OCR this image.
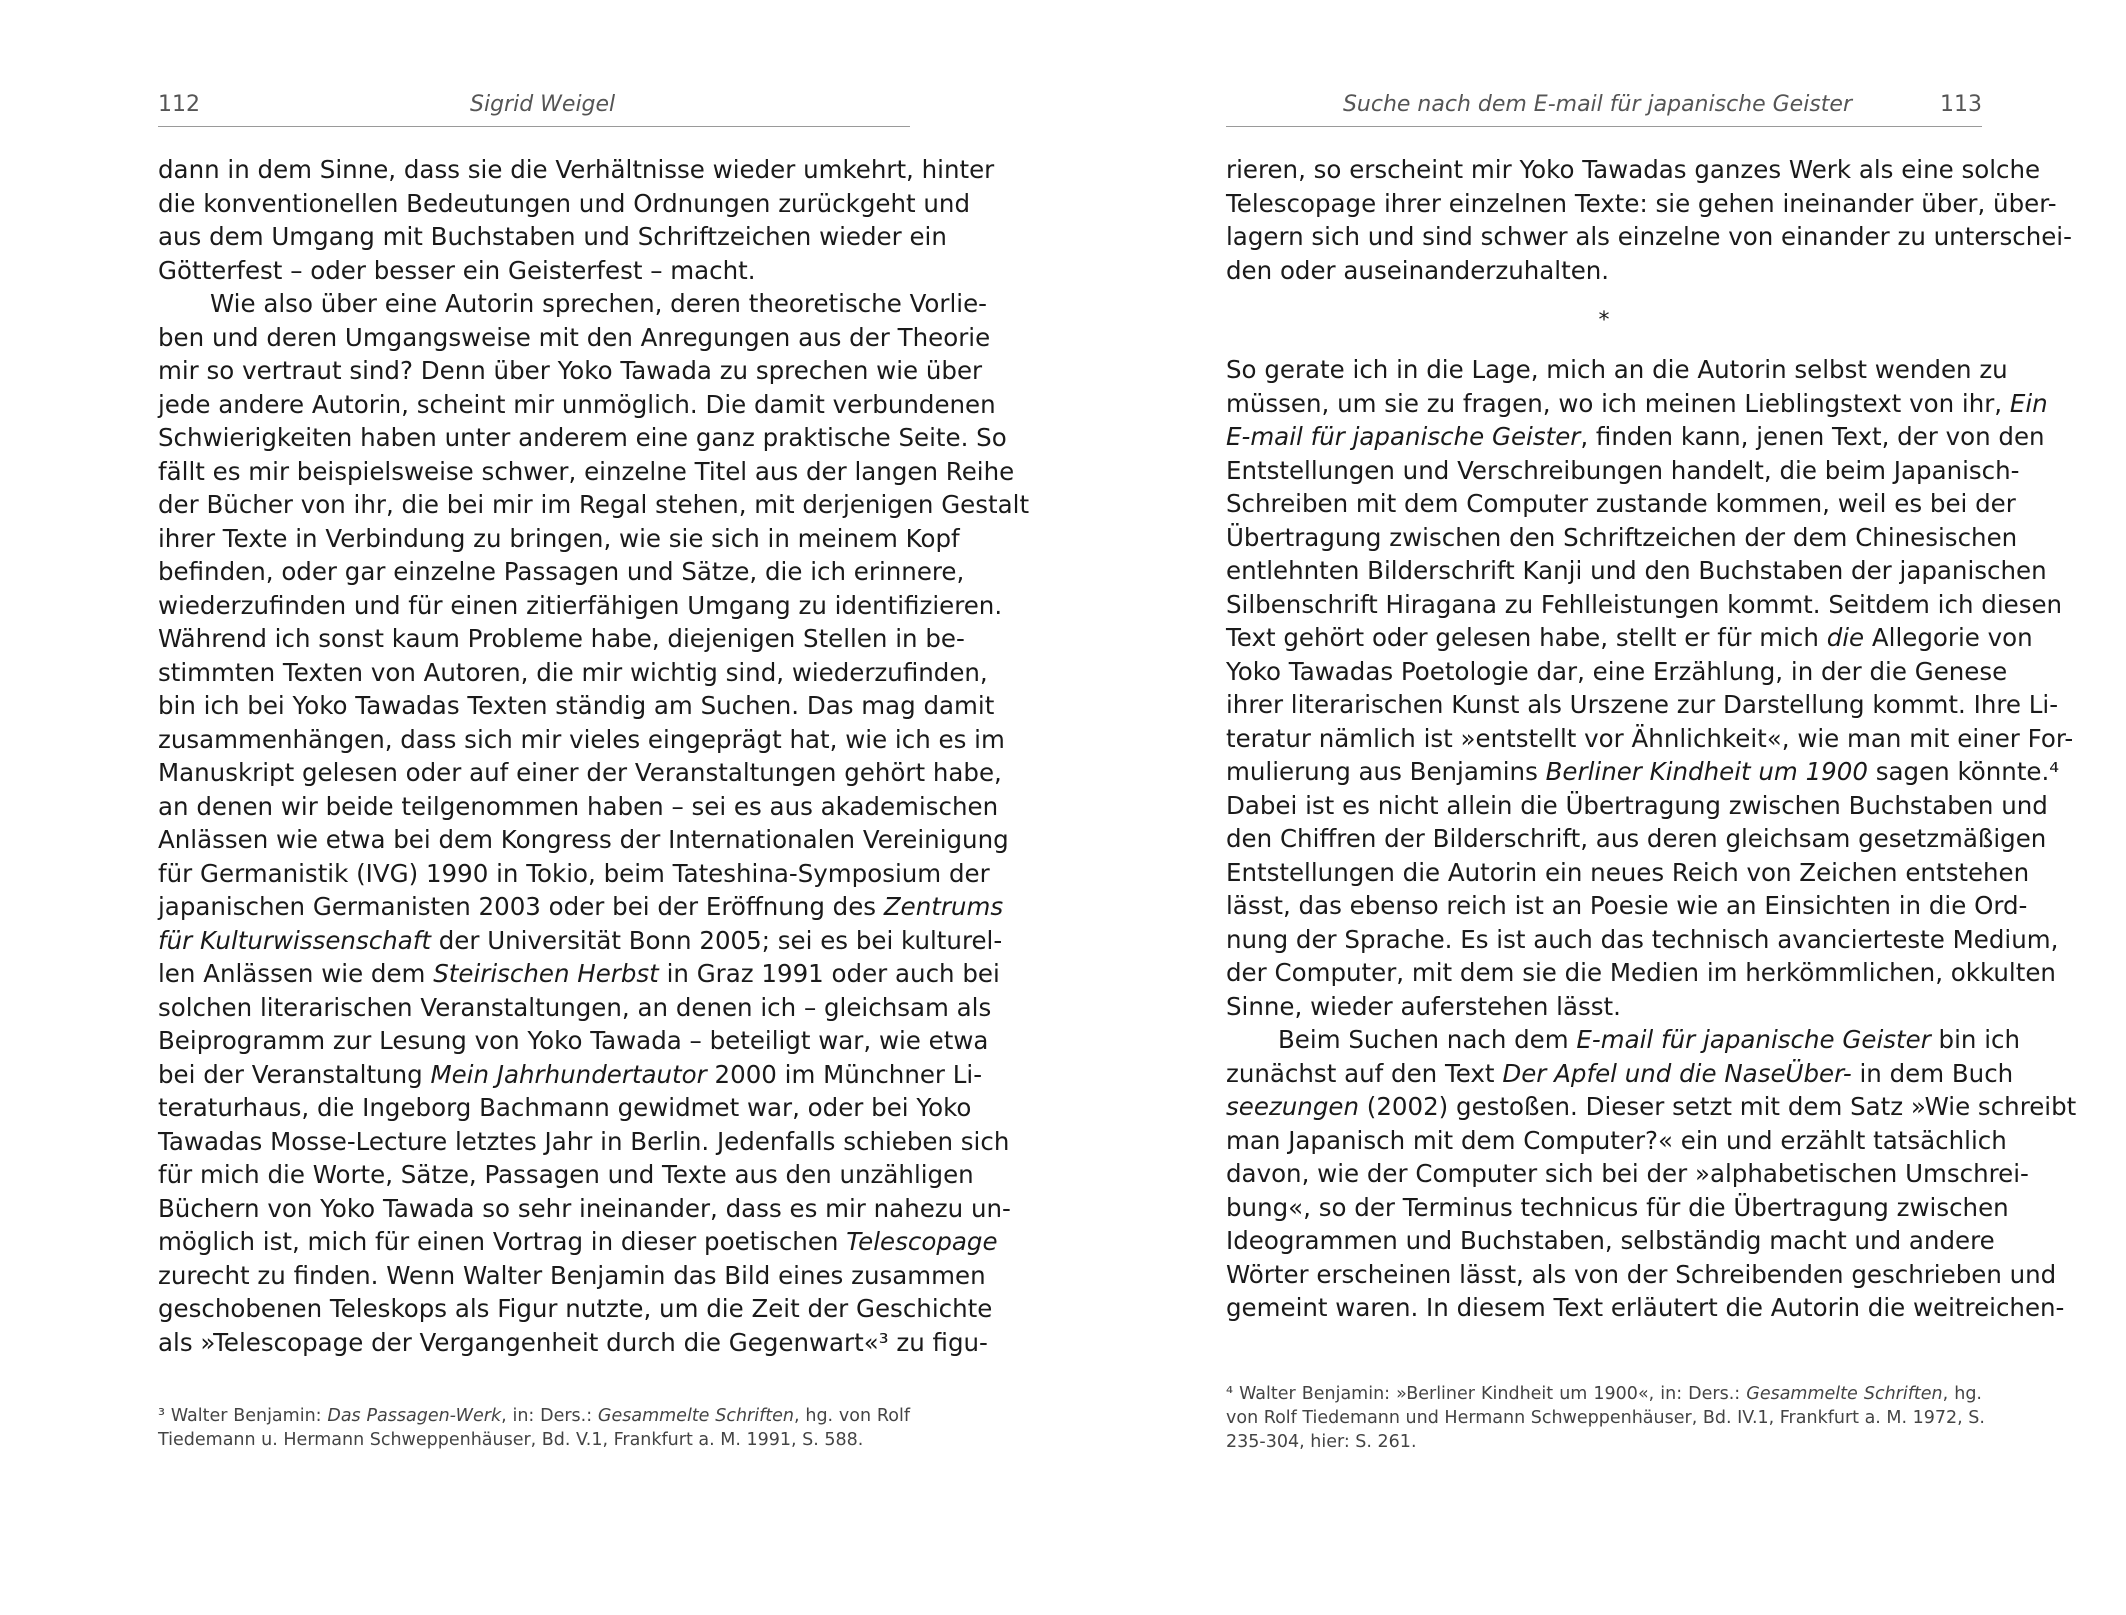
112	Sigrid Weigel
dann in dem Sinne, dass sie die Verhältnisse wieder umkehrt, hinter
die konventionellen Bedeutungen und Ordnungen zurückgeht und
aus dem Umgang mit Buchstaben und Schriftzeichen wieder ein
Götterfest – oder besser ein Geisterfest – macht.
Wie also über eine Autorin sprechen, deren theoretische Vorlie-
ben und deren Umgangsweise mit den Anregungen aus der Theorie
mir so vertraut sind? Denn über Yoko Tawada zu sprechen wie über
jede andere Autorin, scheint mir unmöglich. Die damit verbundenen
Schwierigkeiten haben unter anderem eine ganz praktische Seite. So
fällt es mir beispielsweise schwer, einzelne Titel aus der langen Reihe
der Bücher von ihr, die bei mir im Regal stehen, mit derjenigen Gestalt
ihrer Texte in Verbindung zu bringen, wie sie sich in meinem Kopf
befinden, oder gar einzelne Passagen und Sätze, die ich erinnere,
wiederzufinden und für einen zitierfähigen Umgang zu identifizieren.
Während ich sonst kaum Probleme habe, diejenigen Stellen in be-
stimmten Texten von Autoren, die mir wichtig sind, wiederzufinden,
bin ich bei Yoko Tawadas Texten ständig am Suchen. Das mag damit
zusammenhängen, dass sich mir vieles eingeprägt hat, wie ich es im
Manuskript gelesen oder auf einer der Veranstaltungen gehört habe,
an denen wir beide teilgenommen haben – sei es aus akademischen
Anlässen wie etwa bei dem Kongress der Internationalen Vereinigung
für Germanistik (IVG) 1990 in Tokio, beim Tateshina-Symposium der
japanischen Germanisten 2003 oder bei der Eröffnung des Zentrums
für Kulturwissenschaft der Universität Bonn 2005; sei es bei kulturel-
len Anlässen wie dem Steirischen Herbst in Graz 1991 oder auch bei
solchen literarischen Veranstaltungen, an denen ich – gleichsam als
Beiprogramm zur Lesung von Yoko Tawada – beteiligt war, wie etwa
bei der Veranstaltung Mein Jahrhundertautor 2000 im Münchner Li-
teraturhaus, die Ingeborg Bachmann gewidmet war, oder bei Yoko
Tawadas Mosse-Lecture letztes Jahr in Berlin. Jedenfalls schieben sich
für mich die Worte, Sätze, Passagen und Texte aus den unzähligen
Büchern von Yoko Tawada so sehr ineinander, dass es mir nahezu un-
möglich ist, mich für einen Vortrag in dieser poetischen Telescopage
zurecht zu finden. Wenn Walter Benjamin das Bild eines zusammen
geschobenen Teleskops als Figur nutzte, um die Zeit der Geschichte
als »Telescopage der Vergangenheit durch die Gegenwart«³ zu figu-
³ Walter Benjamin: Das Passagen-Werk, in: Ders.: Gesammelte Schriften, hg. von Rolf
Tiedemann u. Hermann Schweppenhäuser, Bd. V.1, Frankfurt a. M. 1991, S. 588.
Suche nach dem E-mail für japanische Geister	113
rieren, so erscheint mir Yoko Tawadas ganzes Werk als eine solche
Telescopage ihrer einzelnen Texte: sie gehen ineinander über, über-
lagern sich und sind schwer als einzelne von einander zu unterschei-
den oder auseinanderzuhalten.
*
So gerate ich in die Lage, mich an die Autorin selbst wenden zu
müssen, um sie zu fragen, wo ich meinen Lieblingstext von ihr, Ein
E-mail für japanische Geister, finden kann, jenen Text, der von den
Entstellungen und Verschreibungen handelt, die beim Japanisch-
Schreiben mit dem Computer zustande kommen, weil es bei der
Übertragung zwischen den Schriftzeichen der dem Chinesischen
entlehnten Bilderschrift Kanji und den Buchstaben der japanischen
Silbenschrift Hiragana zu Fehlleistungen kommt. Seitdem ich diesen
Text gehört oder gelesen habe, stellt er für mich die Allegorie von
Yoko Tawadas Poetologie dar, eine Erzählung, in der die Genese
ihrer literarischen Kunst als Urszene zur Darstellung kommt. Ihre Li-
teratur nämlich ist »entstellt vor Ähnlichkeit«, wie man mit einer For-
mulierung aus Benjamins Berliner Kindheit um 1900 sagen könnte.⁴
Dabei ist es nicht allein die Übertragung zwischen Buchstaben und
den Chiffren der Bilderschrift, aus deren gleichsam gesetzmäßigen
Entstellungen die Autorin ein neues Reich von Zeichen entstehen
lässt, das ebenso reich ist an Poesie wie an Einsichten in die Ord-
nung der Sprache. Es ist auch das technisch avancierteste Medium,
der Computer, mit dem sie die Medien im herkömmlichen, okkulten
Sinne, wieder auferstehen lässt.
Beim Suchen nach dem E-mail für japanische Geister bin ich
zunächst auf den Text Der Apfel und die NaseÜber- in dem Buch
seezungen (2002) gestoßen. Dieser setzt mit dem Satz »Wie schreibt
man Japanisch mit dem Computer?« ein und erzählt tatsächlich
davon, wie der Computer sich bei der »alphabetischen Umschrei-
bung«, so der Terminus technicus für die Übertragung zwischen
Ideogrammen und Buchstaben, selbständig macht und andere
Wörter erscheinen lässt, als von der Schreibenden geschrieben und
gemeint waren. In diesem Text erläutert die Autorin die weitreichen-
⁴ Walter Benjamin: »Berliner Kindheit um 1900«, in: Ders.: Gesammelte Schriften, hg.
von Rolf Tiedemann und Hermann Schweppenhäuser, Bd. IV.1, Frankfurt a. M. 1972, S.
235-304, hier: S. 261.
